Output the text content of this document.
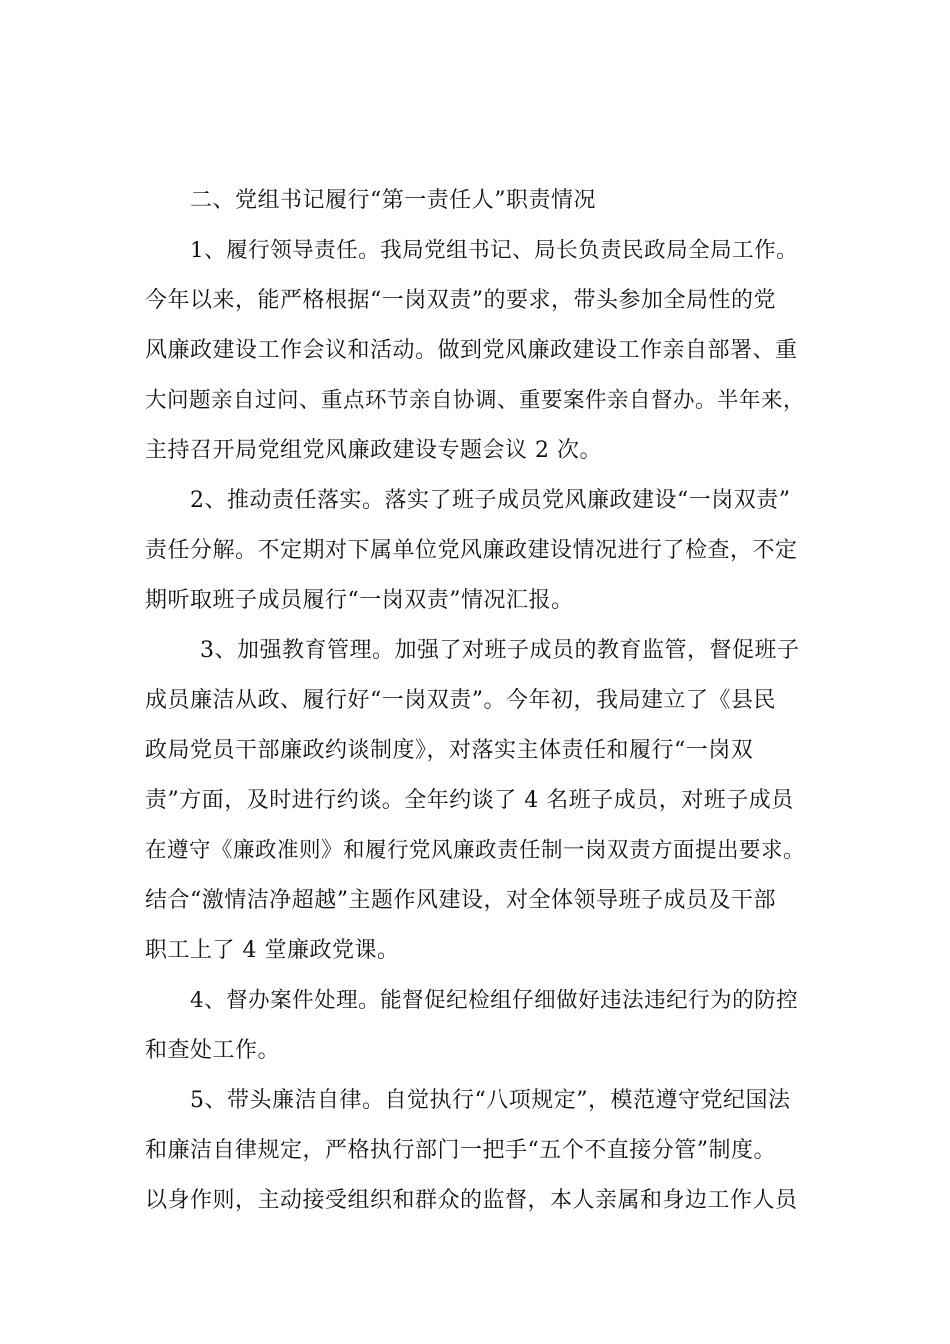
二、党组书记履行“第一责任人”职责情况
1、履行领导责任。我局党组书记、局长负责民政局全局工作。
今年以来，能严格根据“一岗双责”的要求，带头参加全局性的党
风廉政建设工作会议和活动。做到党风廉政建设工作亲自部署、重
大问题亲自过问、重点环节亲自协调、重要案件亲自督办。半年来，
主持召开局党组党风廉政建设专题会议 2 次。
2、推动责任落实。落实了班子成员党风廉政建设“一岗双责”
责任分解。不定期对下属单位党风廉政建设情况进行了检查，不定
期听取班子成员履行“一岗双责”情况汇报。
3、加强教育管理。加强了对班子成员的教育监管，督促班子
成员廉洁从政、履行好“一岗双责”。今年初，我局建立了《县民
政局党员干部廉政约谈制度》，对落实主体责任和履行“一岗双
责”方面，及时进行约谈。全年约谈了 4 名班子成员，对班子成员
在遵守《廉政准则》和履行党风廉政责任制一岗双责方面提出要求。
结合“激情洁净超越”主题作风建设，对全体领导班子成员及干部
职工上了 4 堂廉政党课。
4、督办案件处理。能督促纪检组仔细做好违法违纪行为的防控
和查处工作。
5、带头廉洁自律。自觉执行“八项规定”，模范遵守党纪国法
和廉洁自律规定，严格执行部门一把手“五个不直接分管”制度。
以身作则，主动接受组织和群众的监督，本人亲属和身边工作人员
